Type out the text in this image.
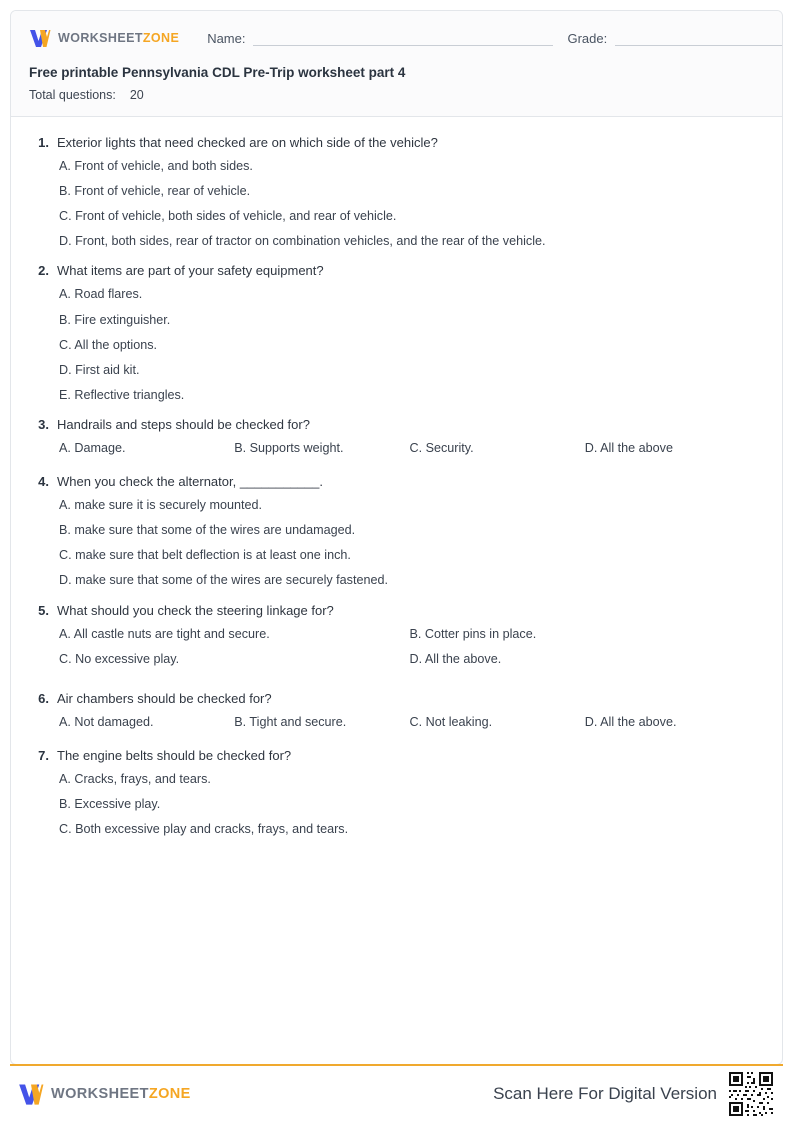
WORKSHEETZONE Name:	Grade:
Free printable Pennsylvania CDL Pre-Trip worksheet part 4
Total questions: 20
1. Exterior lights that need checked are on which side of the vehicle?
A. Front of vehicle, and both sides.
B. Front of vehicle, rear of vehicle.
C. Front of vehicle, both sides of vehicle, and rear of vehicle.
D. Front, both sides, rear of tractor on combination vehicles, and the rear of the vehicle.
2. What items are part of your safety equipment?
A. Road flares.
B. Fire extinguisher.
C. All the options.
D. First aid kit.
E. Reflective triangles.
3. Handrails and steps should be checked for?
A. Damage.	B. Supports weight.	C. Security.	D. All the above
4. When you check the alternator, ___________.
A. make sure it is securely mounted.
B. make sure that some of the wires are undamaged.
C. make sure that belt deflection is at least one inch.
D. make sure that some of the wires are securely fastened.
5. What should you check the steering linkage for?
A. All castle nuts are tight and secure.	B. Cotter pins in place.
C. No excessive play.	D. All the above.
6. Air chambers should be checked for?
A. Not damaged.	B. Tight and secure.	C. Not leaking.	D. All the above.
7. The engine belts should be checked for?
A. Cracks, frays, and tears.
B. Excessive play.
C. Both excessive play and cracks, frays, and tears.
WORKSHEETZONE	Scan Here For Digital Version
